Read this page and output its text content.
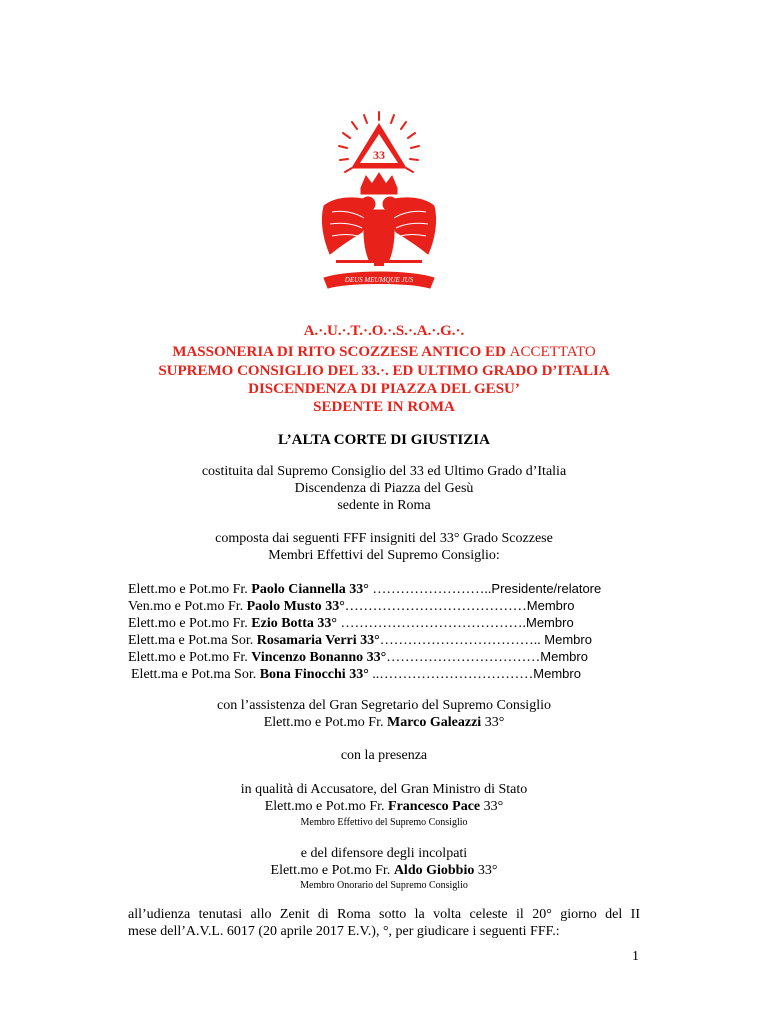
DEUS MEUMQUE JUS
33
A.·.U.·.T.·.O.·.S.·.A.·.G.·.
MASSONERIA DI RITO SCOZZESE ANTICO ED ACCETTATO
SUPREMO CONSIGLIO DEL 33.·. ED ULTIMO GRADO D’ITALIA
DISCENDENZA DI PIAZZA DEL GESU’
SEDENTE IN ROMA
L’ALTA CORTE DI GIUSTIZIA
costituita dal Supremo Consiglio del 33 ed Ultimo Grado d’Italia
Discendenza di Piazza del Gesù
sedente in Roma
composta dai seguenti FFF insigniti del 33° Grado Scozzese
Membri Effettivi del Supremo Consiglio:
Elett.mo e Pot.mo Fr. Paolo Ciannella 33° ……………………..Presidente/relatore
Ven.mo e Pot.mo Fr. Paolo Musto 33°…………………………………Membro
Elett.mo e Pot.mo Fr. Ezio Botta 33° ………………………………….Membro
Elett.ma e Pot.ma Sor. Rosamaria Verri 33°…………………………….. Membro
Elett.mo e Pot.mo Fr. Vincenzo Bonanno 33°……………………………Membro
Elett.ma e Pot.ma Sor. Bona Finocchi 33° ..……………………………Membro
con l’assistenza del Gran Segretario del Supremo Consiglio
Elett.mo e Pot.mo Fr. Marco Galeazzi 33°
con la presenza
in qualità di Accusatore, del Gran Ministro di Stato
Elett.mo e Pot.mo Fr. Francesco Pace 33°
Membro Effettivo del Supremo Consiglio
e del difensore degli incolpati
Elett.mo e Pot.mo Fr. Aldo Giobbio 33°
Membro Onorario del Supremo Consiglio
all’udienza tenutasi allo Zenit di Roma sotto la volta celeste il 20° giorno del II
mese dell’A.V.L. 6017 (20 aprile 2017 E.V.), °, per giudicare i seguenti FFF.:
1
